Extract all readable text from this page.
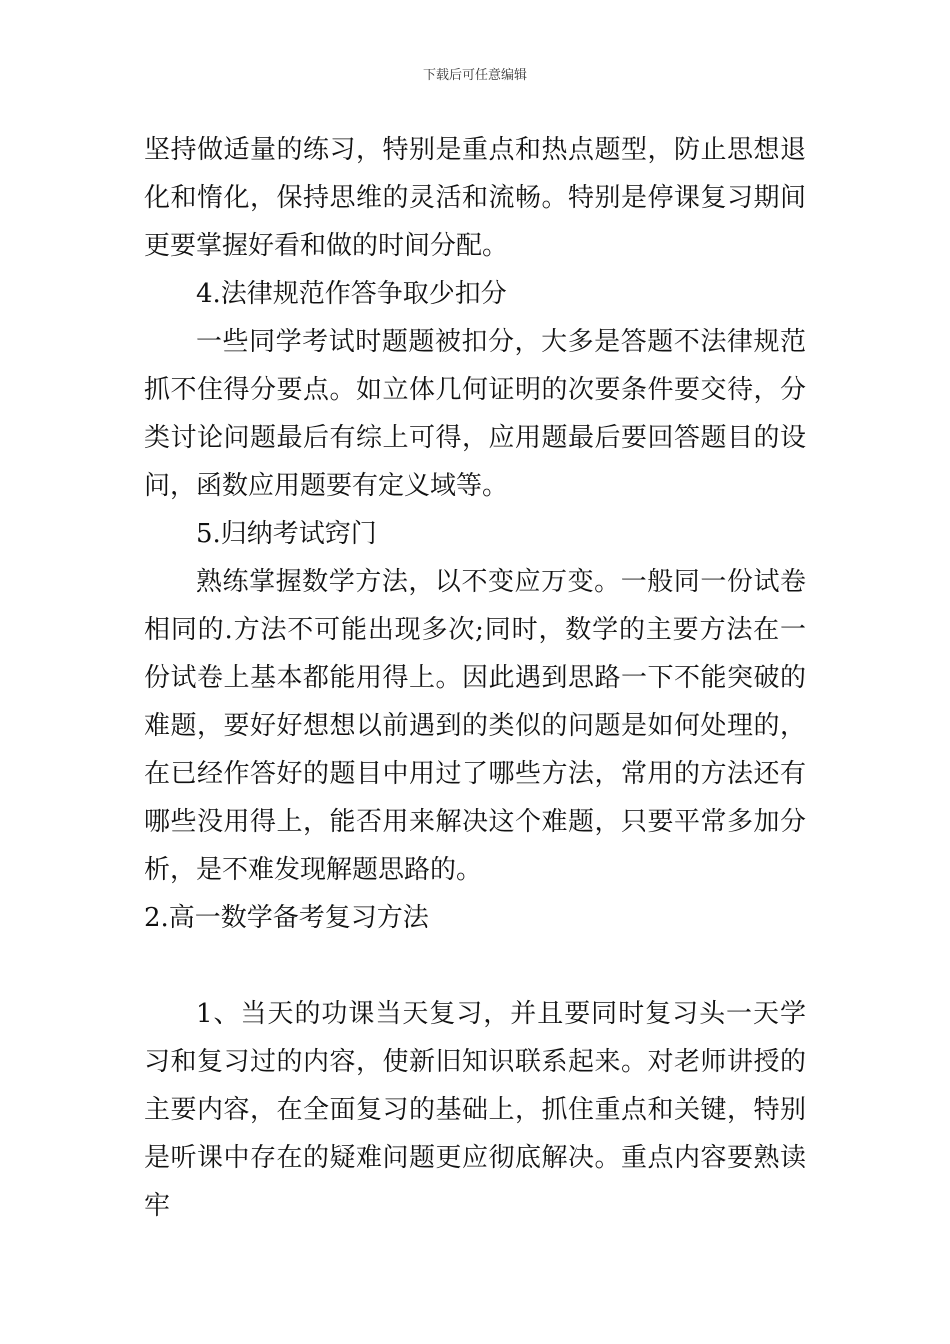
下载后可任意编辑

坚持做适量的练习，特别是重点和热点题型，防止思想退化和惰化，保持思维的灵活和流畅。特别是停课复习期间更要掌握好看和做的时间分配。

4.法律规范作答争取少扣分

一些同学考试时题题被扣分，大多是答题不法律规范抓不住得分要点。如立体几何证明的次要条件要交待，分类讨论问题最后有综上可得，应用题最后要回答题目的设问，函数应用题要有定义域等。

5.归纳考试窍门

熟练掌握数学方法，以不变应万变。一般同一份试卷相同的.方法不可能出现多次;同时，数学的主要方法在一份试卷上基本都能用得上。因此遇到思路一下不能突破的难题，要好好想想以前遇到的类似的问题是如何处理的，在已经作答好的题目中用过了哪些方法，常用的方法还有哪些没用得上，能否用来解决这个难题，只要平常多加分析，是不难发现解题思路的。

2.高一数学备考复习方法

1、当天的功课当天复习，并且要同时复习头一天学习和复习过的内容，使新旧知识联系起来。对老师讲授的主要内容，在全面复习的基础上，抓住重点和关键，特别是听课中存在的疑难问题更应彻底解决。重点内容要熟读牢
